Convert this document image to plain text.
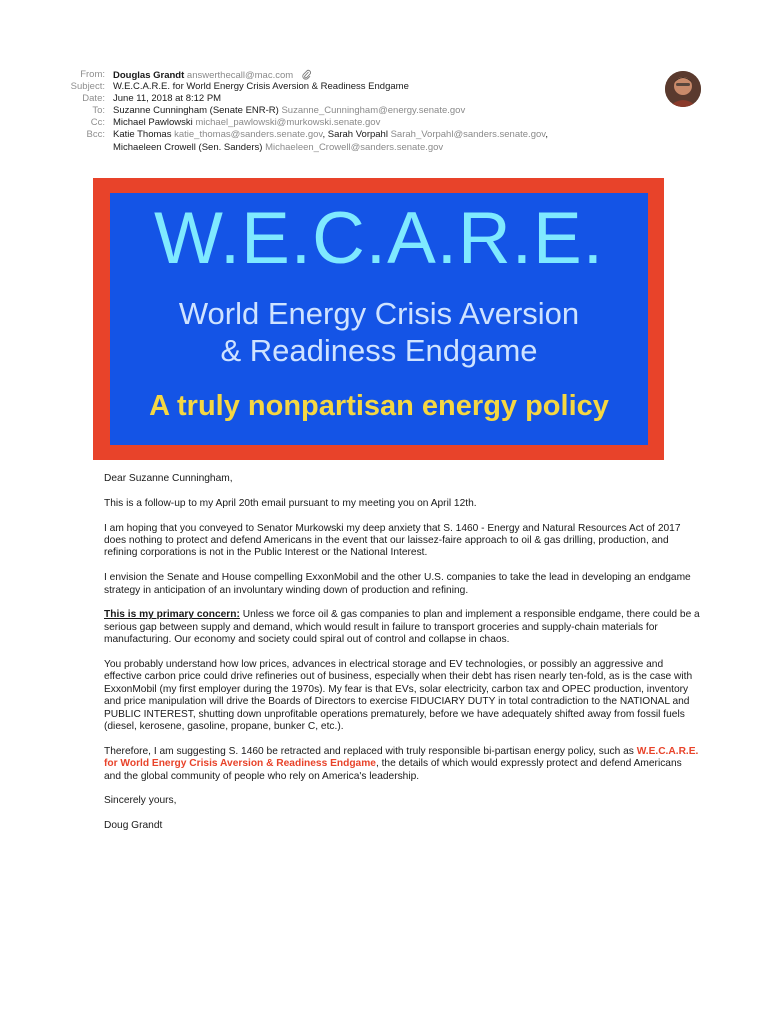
From: Douglas Grandt answerthecall@mac.com
Subject: W.E.C.A.R.E. for World Energy Crisis Aversion & Readiness Endgame
Date: June 11, 2018 at 8:12 PM
To: Suzanne Cunningham (Senate ENR-R) Suzanne_Cunningham@energy.senate.gov
Cc: Michael Pawlowski michael_pawlowski@murkowski.senate.gov
Bcc: Katie Thomas katie_thomas@sanders.senate.gov, Sarah Vorpahl Sarah_Vorpahl@sanders.senate.gov,
Michaeleen Crowell (Sen. Sanders) Michaeleen_Crowell@sanders.senate.gov
W.E.C.A.R.E.
World Energy Crisis Aversion
& Readiness Endgame
A truly nonpartisan energy policy

Dear Suzanne Cunningham,

This is a follow-up to my April 20th email pursuant to my meeting you on April 12th.

I am hoping that you conveyed to Senator Murkowski my deep anxiety that S. 1460 - Energy and Natural Resources Act of 2017 does nothing to protect and defend Americans in the event that our laissez-faire approach to oil & gas drilling, production, and refining corporations is not in the Public Interest or the National Interest.

I envision the Senate and House compelling ExxonMobil and the other U.S. companies to take the lead in developing an endgame strategy in anticipation of an involuntary winding down of production and refining.

This is my primary concern: Unless we force oil & gas companies to plan and implement a responsible endgame, there could be a serious gap between supply and demand, which would result in failure to transport groceries and supply-chain materials for manufacturing. Our economy and society could spiral out of control and collapse in chaos.

You probably understand how low prices, advances in electrical storage and EV technologies, or possibly an aggressive and effective carbon price could drive refineries out of business, especially when their debt has risen nearly ten-fold, as is the case with ExxonMobil (my first employer during the 1970s). My fear is that EVs, solar electricity, carbon tax and OPEC production, inventory and price manipulation will drive the Boards of Directors to exercise FIDUCIARY DUTY in total contradiction to the NATIONAL and PUBLIC INTEREST, shutting down unprofitable operations prematurely, before we have adequately shifted away from fossil fuels (diesel, kerosene, gasoline, propane, bunker C, etc.).

Therefore, I am suggesting S. 1460 be retracted and replaced with truly responsible bi-partisan energy policy, such as W.E.C.A.R.E. for World Energy Crisis Aversion & Readiness Endgame, the details of which would expressly protect and defend Americans and the global community of people who rely on America's leadership.

Sincerely yours,

Doug Grandt
